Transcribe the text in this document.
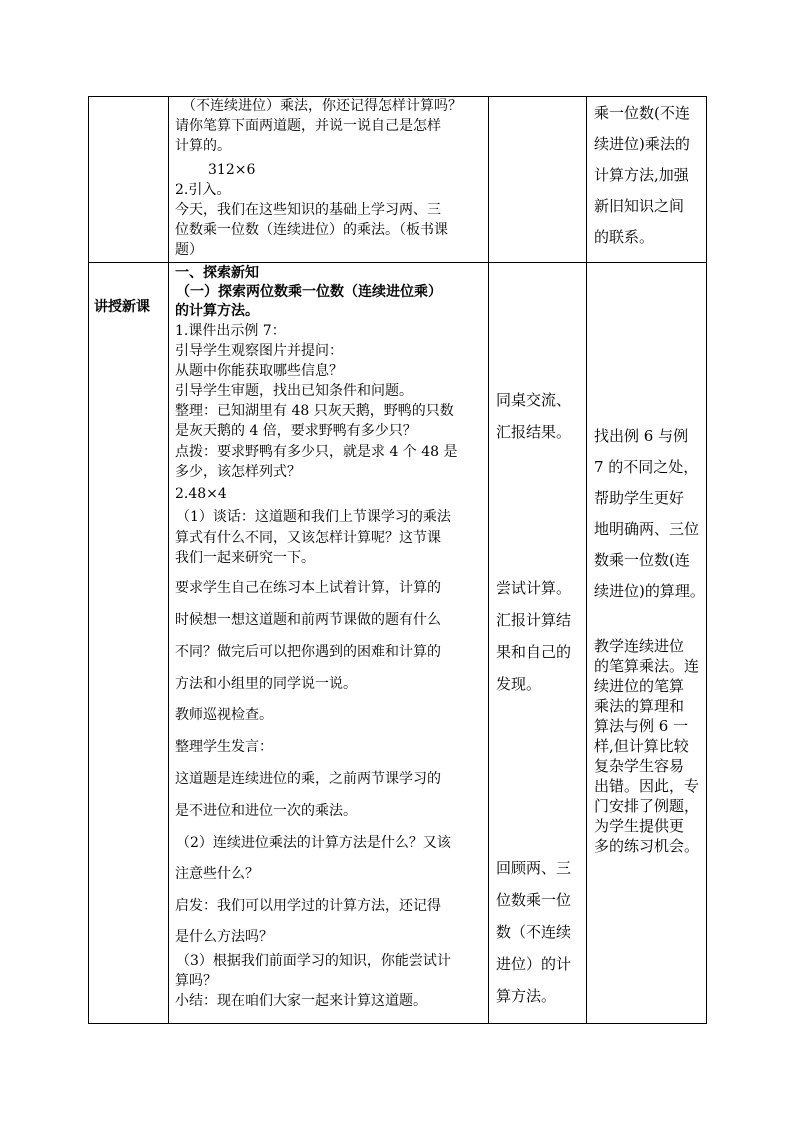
（不连续进位）乘法，你还记得怎样计算吗？
请你笔算下面两道题，并说一说自己是怎样
计算的。
312×6
2.引入。
今天，我们在这些知识的基础上学习两、三
位数乘一位数（连续进位）的乘法。（板书课
题）
乘一位数(不连
续进位)乘法的
计算方法,加强
新旧知识之间
的联系。
讲授新课
一、探索新知
（一）探索两位数乘一位数（连续进位乘）
的计算方法。
1.课件出示例 7：
引导学生观察图片并提问：
从题中你能获取哪些信息？
引导学生审题，找出已知条件和问题。
整理：已知湖里有 48 只灰天鹅，野鸭的只数
是灰天鹅的 4 倍，要求野鸭有多少只？
点拨：要求野鸭有多少只，就是求 4 个 48 是
多少，该怎样列式？
2.48×4
（1）谈话：这道题和我们上节课学习的乘法
算式有什么不同，又该怎样计算呢？这节课
我们一起来研究一下。
要求学生自己在练习本上试着计算，计算的
时候想一想这道题和前两节课做的题有什么
不同？做完后可以把你遇到的困难和计算的
方法和小组里的同学说一说。
教师巡视检查。
整理学生发言：
这道题是连续进位的乘，之前两节课学习的
是不进位和进位一次的乘法。
（2）连续进位乘法的计算方法是什么？又该
注意些什么？
启发：我们可以用学过的计算方法，还记得
是什么方法吗？
（3）根据我们前面学习的知识，你能尝试计
算吗？
小结：现在咱们大家一起来计算这道题。
同桌交流、
汇报结果。
尝试计算。
汇报计算结
果和自己的
发现。
回顾两、三
位数乘一位
数（不连续
进位）的计
算方法。
找出例 6 与例
7 的不同之处，
帮助学生更好
地明确两、三位
数乘一位数(连
续进位)的算理。
教学连续进位
的笔算乘法。连
续进位的笔算
乘法的算理和
算法与例 6 一
样,但计算比较
复杂学生容易
出错。因此，专
门安排了例题，
为学生提供更
多的练习机会。
